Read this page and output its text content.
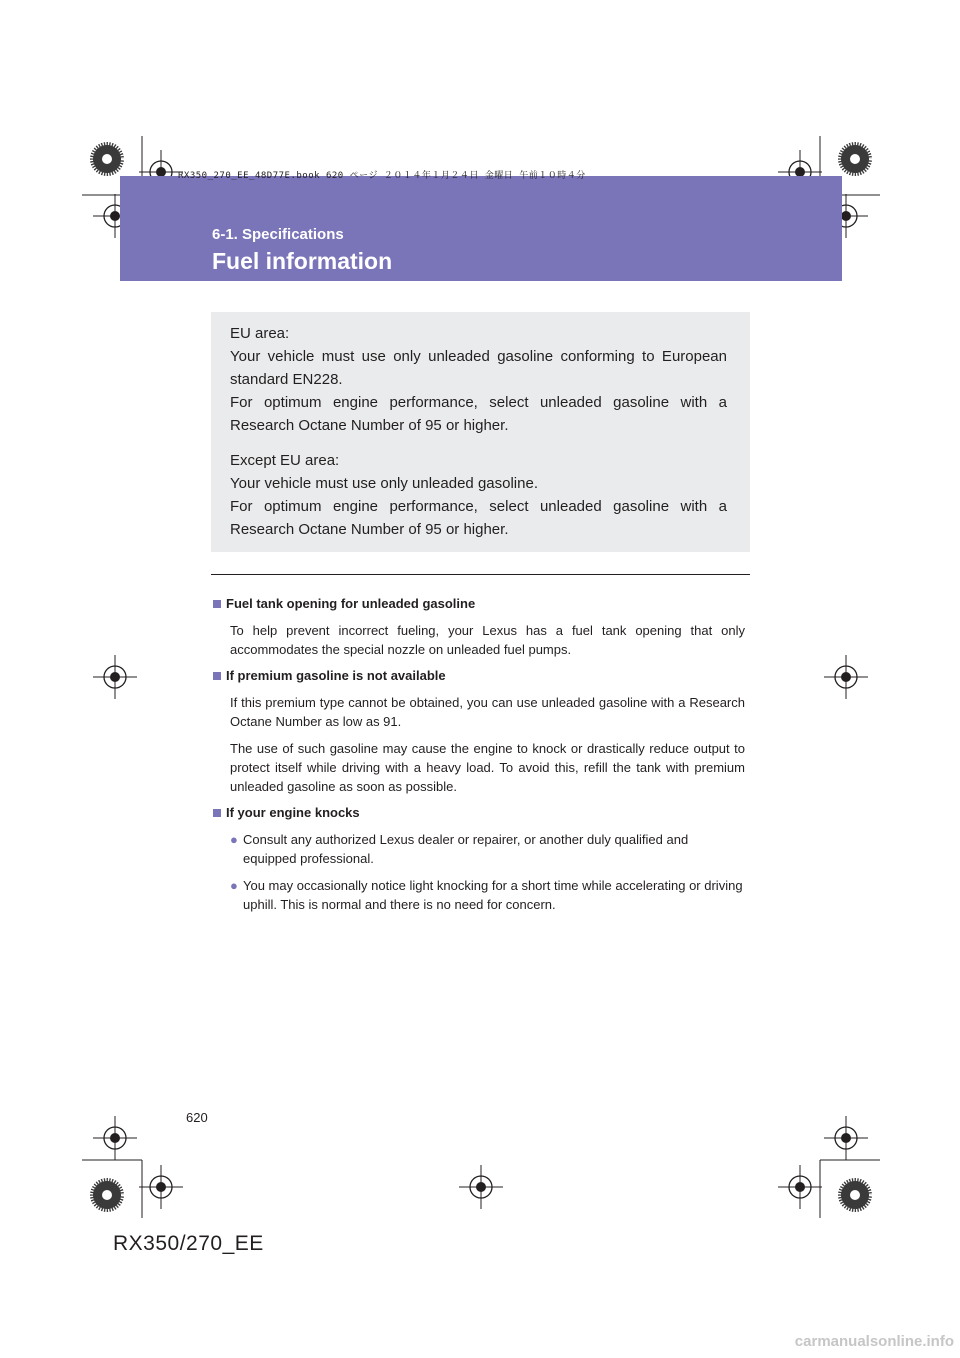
RX350_270_EE_48D77E.book 620 ページ ２０１４年１月２４日 金曜日 午前１０時４分
6-1. Specifications
Fuel information

EU area:

Your vehicle must use only unleaded gasoline conforming to European standard EN228.

For optimum engine performance, select unleaded gasoline with a Research Octane Number of 95 or higher.

Except EU area:

Your vehicle must use only unleaded gasoline.

For optimum engine performance, select unleaded gasoline with a Research Octane Number of 95 or higher.

Fuel tank opening for unleaded gasoline

To help prevent incorrect fueling, your Lexus has a fuel tank opening that only accommodates the special nozzle on unleaded fuel pumps.

If premium gasoline is not available

If this premium type cannot be obtained, you can use unleaded gasoline with a Research Octane Number as low as 91.

The use of such gasoline may cause the engine to knock or drastically reduce output to protect itself while driving with a heavy load. To avoid this, refill the tank with premium unleaded gasoline as soon as possible.

If your engine knocks

● Consult any authorized Lexus dealer or repairer, or another duly qualified and equipped professional.
● You may occasionally notice light knocking for a short time while accelerating or driving uphill. This is normal and there is no need for concern.
620
RX350/270_EE
carmanualsonline.info
